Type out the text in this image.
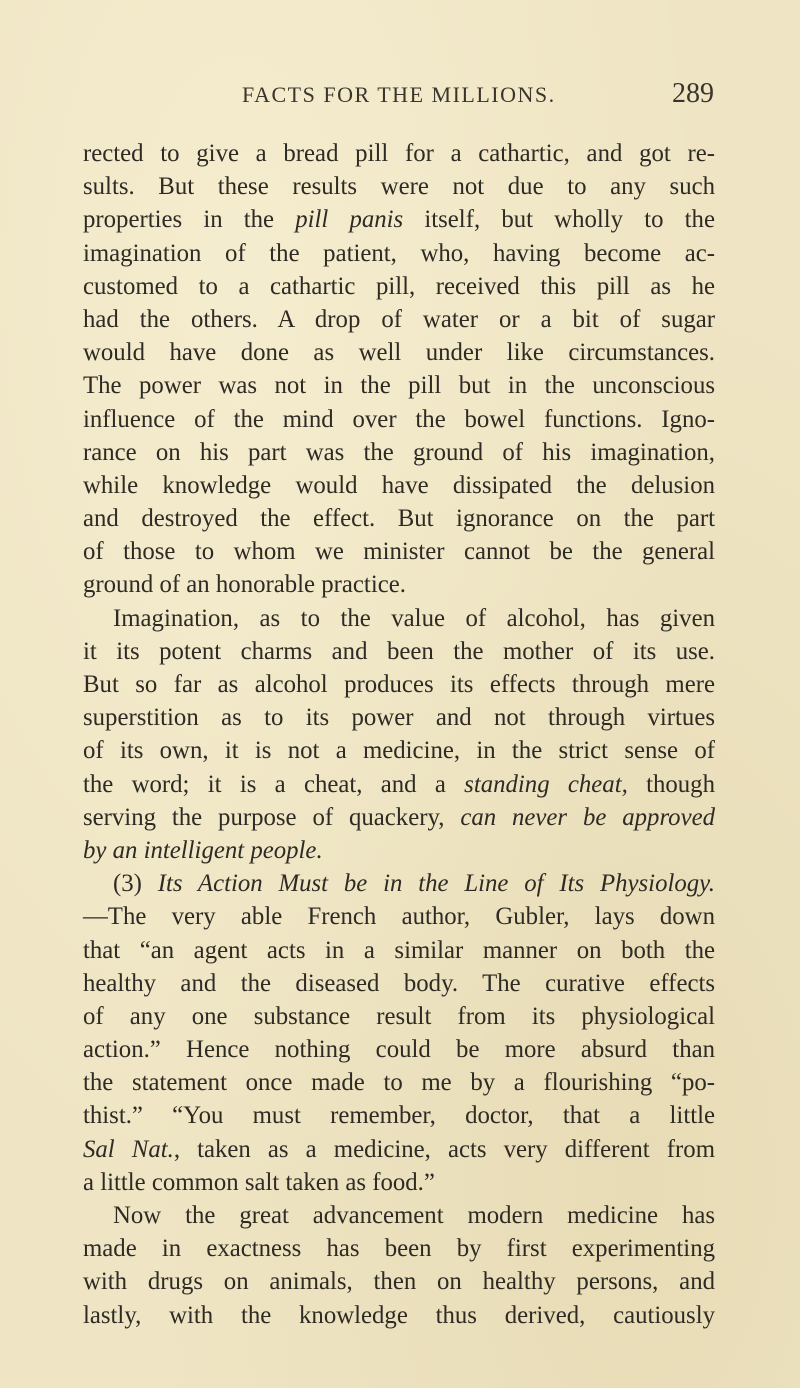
FACTS FOR THE MILLIONS.	289
rected to give a bread pill for a cathartic, and got re-
sults. But these results were not due to any such
properties in the pill panis itself, but wholly to the
imagination of the patient, who, having become ac-
customed to a cathartic pill, received this pill as he
had the others. A drop of water or a bit of sugar
would have done as well under like circumstances.
The power was not in the pill but in the unconscious
influence of the mind over the bowel functions. Igno-
rance on his part was the ground of his imagination,
while knowledge would have dissipated the delusion
and destroyed the effect. But ignorance on the part
of those to whom we minister cannot be the general
ground of an honorable practice.
Imagination, as to the value of alcohol, has given
it its potent charms and been the mother of its use.
But so far as alcohol produces its effects through mere
superstition as to its power and not through virtues
of its own, it is not a medicine, in the strict sense of
the word; it is a cheat, and a standing cheat, though
serving the purpose of quackery, can never be approved
by an intelligent people.
(3) Its Action Must be in the Line of Its Physiology.
—The very able French author, Gubler, lays down
that “an agent acts in a similar manner on both the
healthy and the diseased body. The curative effects
of any one substance result from its physiological
action.” Hence nothing could be more absurd than
the statement once made to me by a flourishing “po-
thist.” “You must remember, doctor, that a little
Sal Nat., taken as a medicine, acts very different from
a little common salt taken as food.”
Now the great advancement modern medicine has
made in exactness has been by first experimenting
with drugs on animals, then on healthy persons, and
lastly, with the knowledge thus derived, cautiously
